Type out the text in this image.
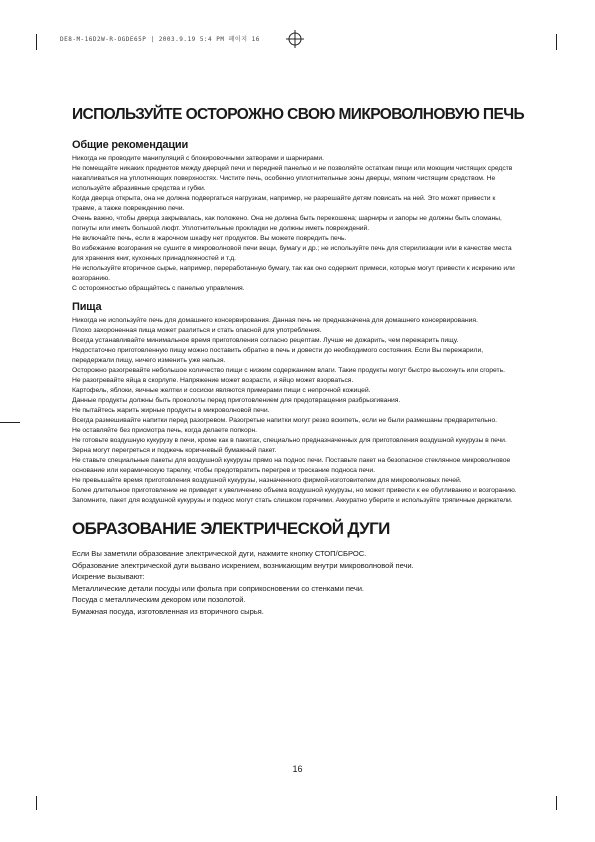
DE8-M-16D2W-R-OGDE65P | 2003.9.19 5:4 PM 페이지 16
ИСПОЛЬЗУЙТЕ ОСТОРОЖНО СВОЮ МИКРОВОЛНОВУЮ ПЕЧЬ
Общие рекомендации

Никогда не проводите манипуляций с блокировочными затворами и шарнирами.

Не помещайте никаких предметов между дверцей печи и передней панелью и не позволяйте остаткам пищи или моющим чистящих средств накапливаться на уплотняющих поверхностях. Чистите печь, особенно уплотнительные зоны дверцы, мягким чистящим средством. Не используйте абразивные средства и губки.

Когда дверца открыта, она не должна подвергаться нагрузкам, например, не разрешайте детям повисать на ней. Это может привести к травме, а также повреждению печи.

Очень важно, чтобы дверца закрывалась, как положено. Она не должна быть перекошена; шарниры и запоры не должны быть сломаны, погнуты или иметь большой люфт. Уплотнительные прокладки не должны иметь повреждений.

Не включайте печь, если в жарочном шкафу нет продуктов. Вы можете повредить печь.

Во избежание возгорания не сушите в микроволновой печи вещи, бумагу и др.; не используйте печь для стерилизации или в качестве места для хранения книг, кухонных принадлежностей и т.д.

Не используйте вторичное сырье, например, переработанную бумагу, так как оно содержит примеси, которые могут привести к искрению или возгоранию.

С осторожностью обращайтесь с панелью управления.

Пища

Никогда не используйте печь для домашнего консервирования. Данная печь не предназначена для домашнего консервирования.

Плохо захороненная пища может разлиться и стать опасной для употребления.

Всегда устанавливайте минимальное время приготовления согласно рецептам. Лучше не дожарить, чем пережарить пищу.

Недостаточно приготовленную пищу можно поставить обратно в печь и довести до необходимого состояния. Если Вы пережарили, передержали пищу, ничего изменить уже нельзя.

Осторожно разогревайте небольшое количество пищи с низким содержанием влаги. Такие продукты могут быстро высохнуть или сгореть.

Не разогревайте яйца в скорлупе. Напряжение может возрасти, и яйцо может взорваться.

Картофель, яблоки, яичные желтки и сосиски являются примерами пищи с непрочной кожицей.

Данные продукты должны быть проколоты перед приготовлением для предотвращения разбрызгивания.

Не пытайтесь жарить жирные продукты в микроволновой печи.

Всегда размешивайте напитки перед разогревом. Разогретые напитки могут резко вскипеть, если не были размешаны предварительно.

Не оставляйте без присмотра печь, когда делаете попкорн.

Не готовьте воздушную кукурузу в печи, кроме как в пакетах, специально предназначенных для приготовления воздушной кукурузы в печи. Зерна могут перегреться и поджечь коричневый бумажный пакет.

Не ставьте специальные пакеты для воздушной кукурузы прямо на поднос печи. Поставьте пакет на безопасное стеклянное микроволновое основание или керамическую тарелку, чтобы предотвратить перегрев и трескание подноса печи.

Не превышайте время приготовления воздушной кукурузы, назначенного фирмой-изготовителем для микроволновых печей.

Более длительное приготовление не приведет к увеличению объема воздушной кукурузы, но может привести к ее обугливанию и возгоранию. Запомните, пакет для воздушной кукурузы и поднос могут стать слишком горячими. Аккуратно уберите и используйте тряпичные держатели.

ОБРАЗОВАНИЕ ЭЛЕКТРИЧЕСКОЙ ДУГИ

Если Вы заметили образование электрической дуги, нажмите кнопку СТОП/СБРОС.

Образование электрической дуги вызвано искрением, возникающим внутри микроволновой печи.

Искрение вызывают:

Металлические детали посуды или фольга при соприкосновении со стенками печи.

Посуда с металлическим декором или позолотой.

Бумажная посуда, изготовленная из вторичного сырья.

16
